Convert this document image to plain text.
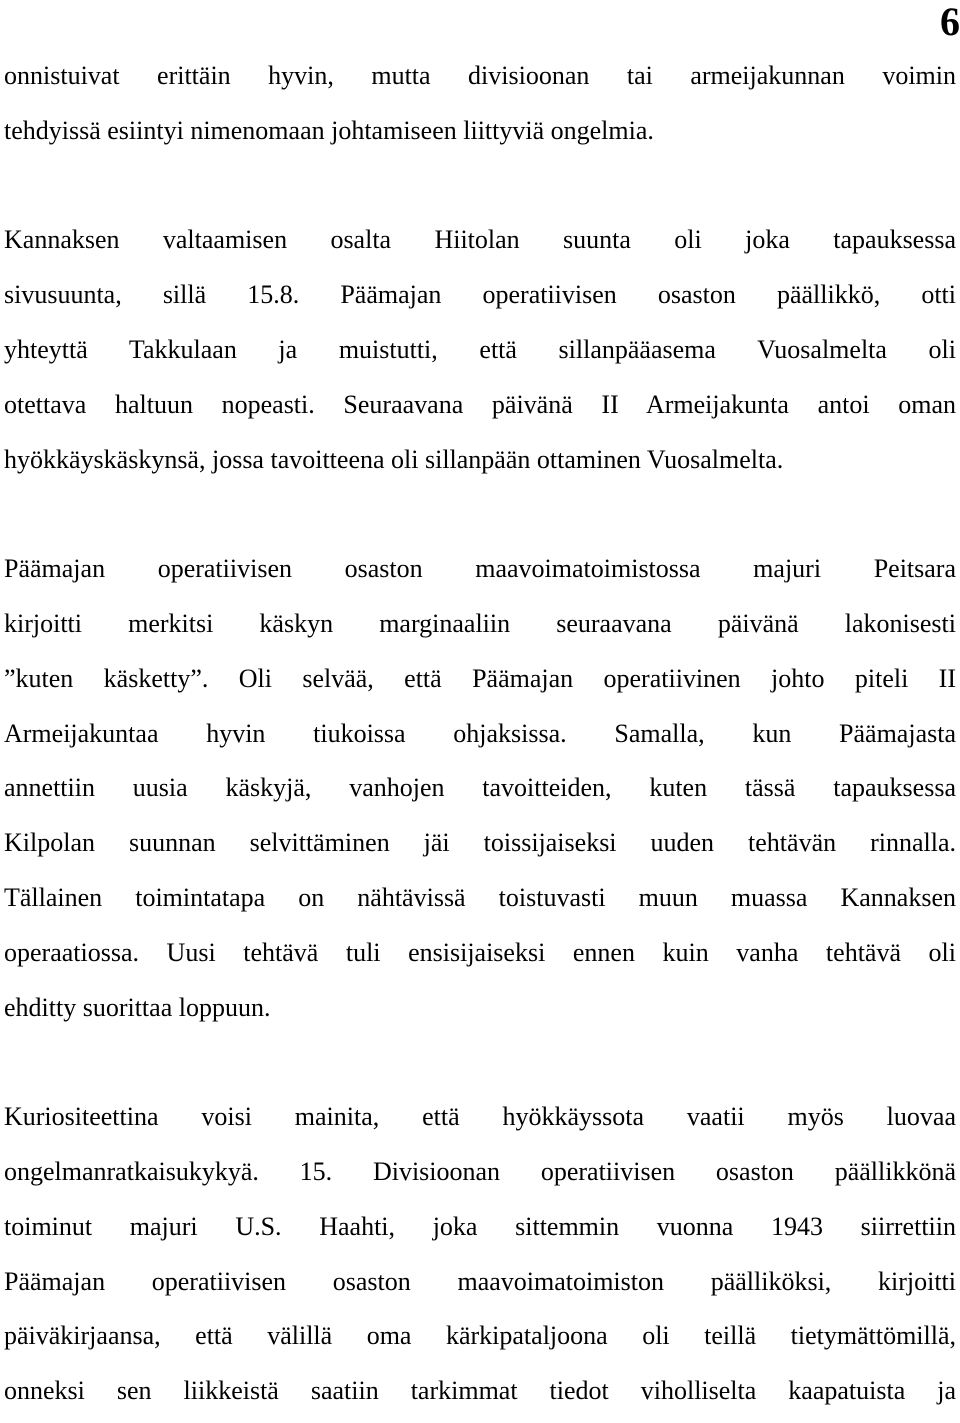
6
onnistuivat erittäin hyvin, mutta divisioonan tai armeijakunnan voimin
tehdyissä esiintyi nimenomaan johtamiseen liittyviä ongelmia.
Kannaksen valtaamisen osalta Hiitolan suunta oli joka tapauksessa
sivusuunta, sillä 15.8. Päämajan operatiivisen osaston päällikkö, otti
yhteyttä Takkulaan ja muistutti, että sillanpääasema Vuosalmelta oli
otettava haltuun nopeasti. Seuraavana päivänä II Armeijakunta antoi oman
hyökkäyskäskynsä, jossa tavoitteena oli sillanpään ottaminen Vuosalmelta.
Päämajan operatiivisen osaston maavoimatoimistossa majuri Peitsara
kirjoitti merkitsi käskyn marginaaliin seuraavana päivänä lakonisesti
”kuten käsketty”. Oli selvää, että Päämajan operatiivinen johto piteli II
Armeijakuntaa hyvin tiukoissa ohjaksissa. Samalla, kun Päämajasta
annettiin uusia käskyjä, vanhojen tavoitteiden, kuten tässä tapauksessa
Kilpolan suunnan selvittäminen jäi toissijaiseksi uuden tehtävän rinnalla.
Tällainen toimintatapa on nähtävissä toistuvasti muun muassa Kannaksen
operaatiossa. Uusi tehtävä tuli ensisijaiseksi ennen kuin vanha tehtävä oli
ehditty suorittaa loppuun.
Kuriositeettina voisi mainita, että hyökkäyssota vaatii myös luovaa
ongelmanratkaisukykyä. 15. Divisioonan operatiivisen osaston päällikkönä
toiminut majuri U.S. Haahti, joka sittemmin vuonna 1943 siirrettiin
Päämajan operatiivisen osaston maavoimatoimiston päälliköksi, kirjoitti
päiväkirjaansa, että välillä oma kärkipataljoona oli teillä tietymättömillä,
onneksi sen liikkeistä saatiin tarkimmat tiedot viholliselta kaapatuista ja
